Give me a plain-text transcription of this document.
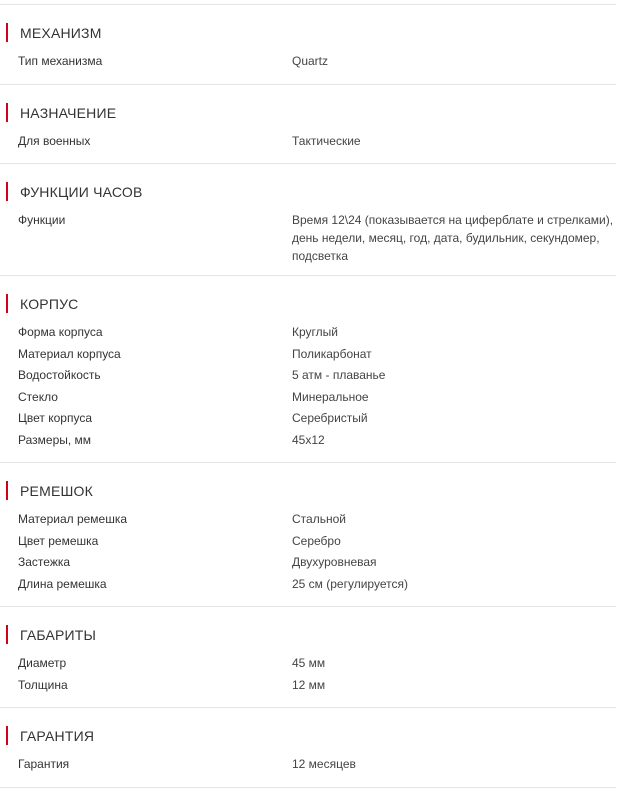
МЕХАНИЗМ
Тип механизма	Quartz
НАЗНАЧЕНИЕ
Для военных	Тактические
ФУНКЦИИ ЧАСОВ
Функции	Время 12\24 (показывается на циферблате и стрелками), день недели, месяц, год, дата, будильник, секундомер, подсветка
КОРПУС
Форма корпуса	Круглый
Материал корпуса	Поликарбонат
Водостойкость	5 атм - плаванье
Стекло	Минеральное
Цвет корпуса	Серебристый
Размеры, мм	45x12
РЕМЕШОК
Материал ремешка	Стальной
Цвет ремешка	Серебро
Застежка	Двухуровневая
Длина ремешка	25 см (регулируется)
ГАБАРИТЫ
Диаметр	45 мм
Толщина	12 мм
ГАРАНТИЯ
Гарантия	12 месяцев
